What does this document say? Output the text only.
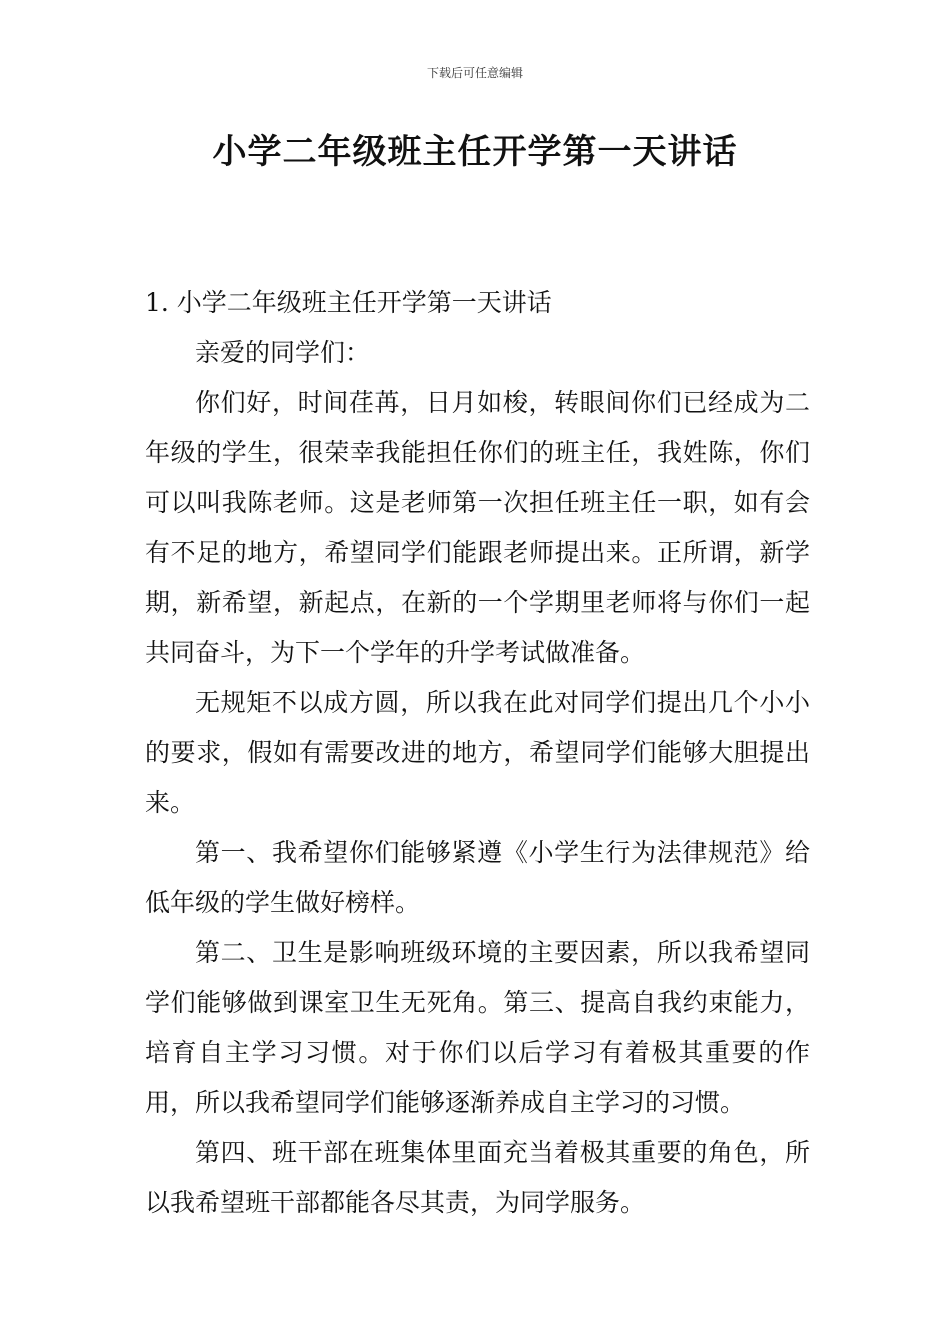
下载后可任意编辑
小学二年级班主任开学第一天讲话

1. 小学二年级班主任开学第一天讲话

亲爱的同学们：

你们好，时间荏苒，日月如梭，转眼间你们已经成为二年级的学生，很荣幸我能担任你们的班主任，我姓陈，你们可以叫我陈老师。这是老师第一次担任班主任一职，如有会有不足的地方，希望同学们能跟老师提出来。正所谓，新学期，新希望，新起点，在新的一个学期里老师将与你们一起共同奋斗，为下一个学年的升学考试做准备。

无规矩不以成方圆，所以我在此对同学们提出几个小小的要求，假如有需要改进的地方，希望同学们能够大胆提出来。

第一、我希望你们能够紧遵《小学生行为法律规范》给低年级的学生做好榜样。

第二、卫生是影响班级环境的主要因素，所以我希望同学们能够做到课室卫生无死角。第三、提高自我约束能力，培育自主学习习惯。对于你们以后学习有着极其重要的作用，所以我希望同学们能够逐渐养成自主学习的习惯。

第四、班干部在班集体里面充当着极其重要的角色，所以我希望班干部都能各尽其责，为同学服务。
